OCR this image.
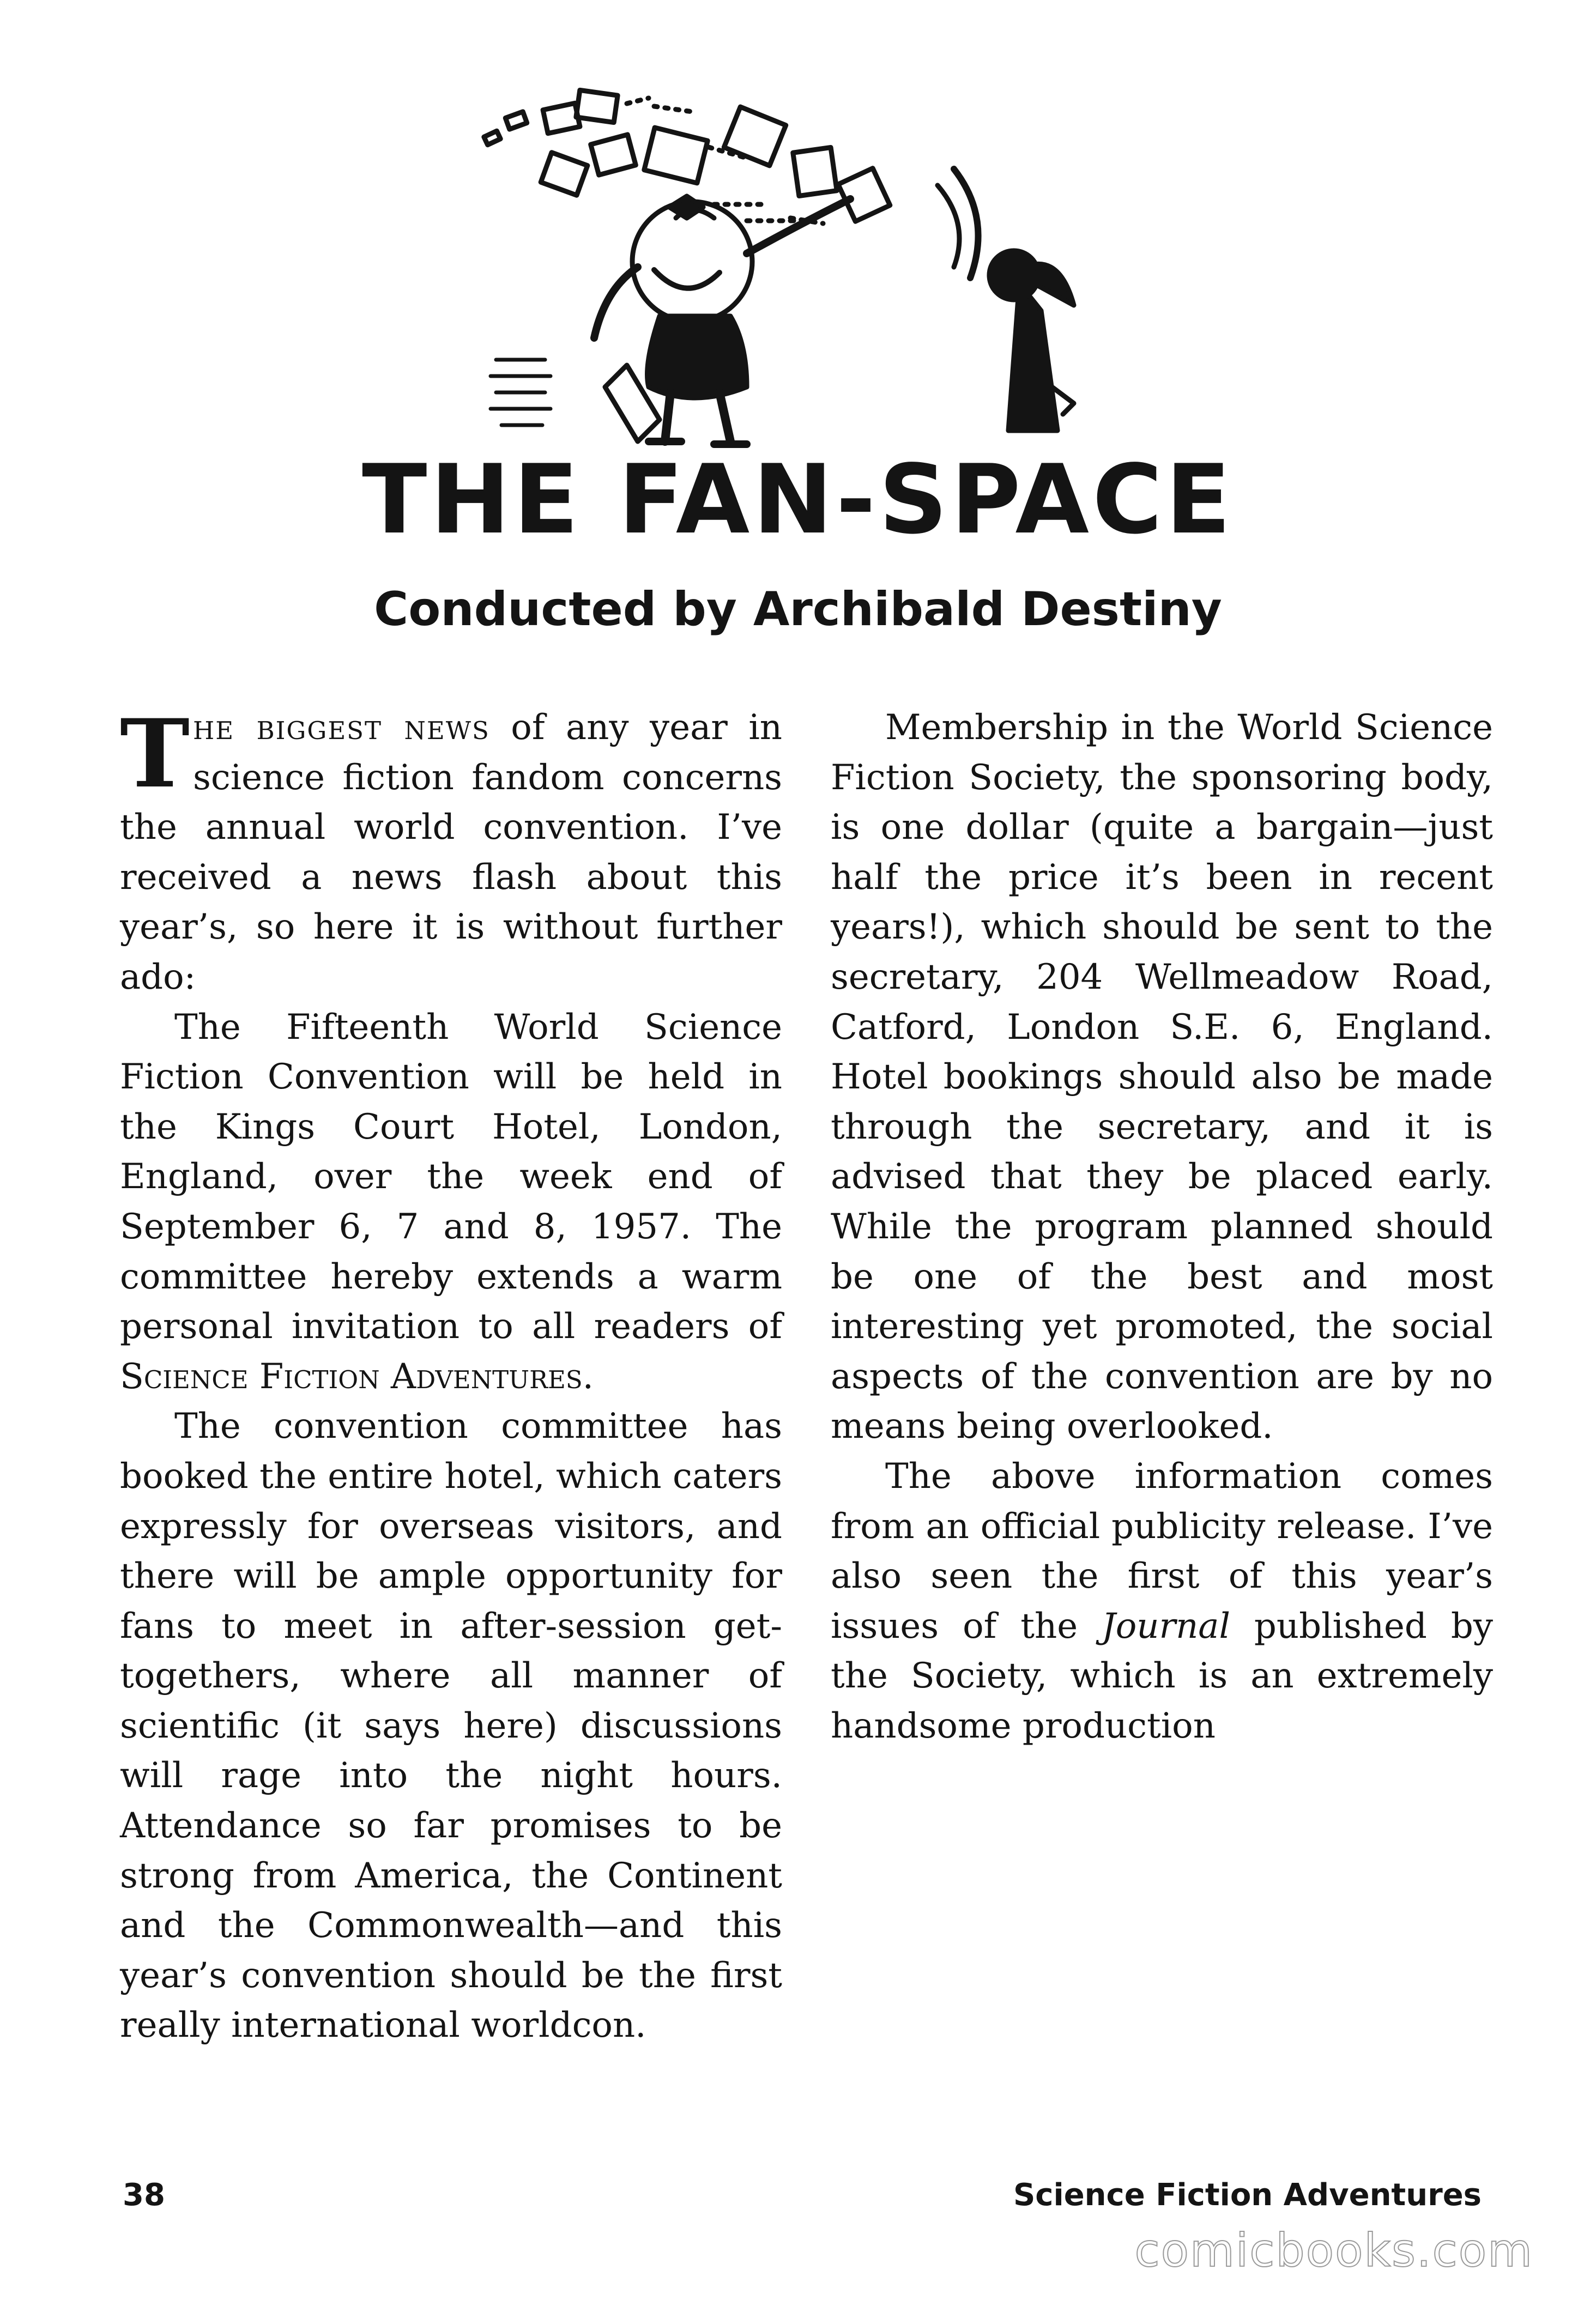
THE FAN-SPACE
Conducted by Archibald Destiny

The biggest news of any year in science fiction fan​dom concerns the annual world convention. I’ve receiv​ed a news flash about this year’s, so here it is without further ado:

The Fifteenth World Sci​ence Fiction Convention will be held in the Kings Court Hotel, London, England, over the week end of September 6, 7 and 8, 1957. The committee hereby extends a warm per​sonal invitation to all readers of Science Fiction Adven​tures.

The convention committee has booked the entire hotel, which caters expressly for overseas visitors, and there will be ample opportunity for fans to meet in after-session get-togethers, where all man​ner of scientific (it says here) discussions will rage into the night hours. Attendance so far promises to be strong from America, the Continent and the Commonwealth—and this year’s convention should be the first really internation​al worldcon.

Membership in the World Science Fiction Society, the sponsoring body, is one dol​lar (quite a bargain—just half the price it’s been in recent years!), which should be sent to the secretary, 204 Well​meadow Road, Catford, Lon​don S.E. 6, England. Hotel bookings should also be made through the secretary, and it is advised that they be placed early. While the program planned should be one of the best and most interesting yet promoted, the social aspects of the convention are by no means being overlooked.

The above information comes from an official pub​licity release. I’ve also seen the first of this year’s issues of the Journal published by the Society, which is an ex​tremely handsome production

38	Science Fiction Adventures
comicbooks.com
